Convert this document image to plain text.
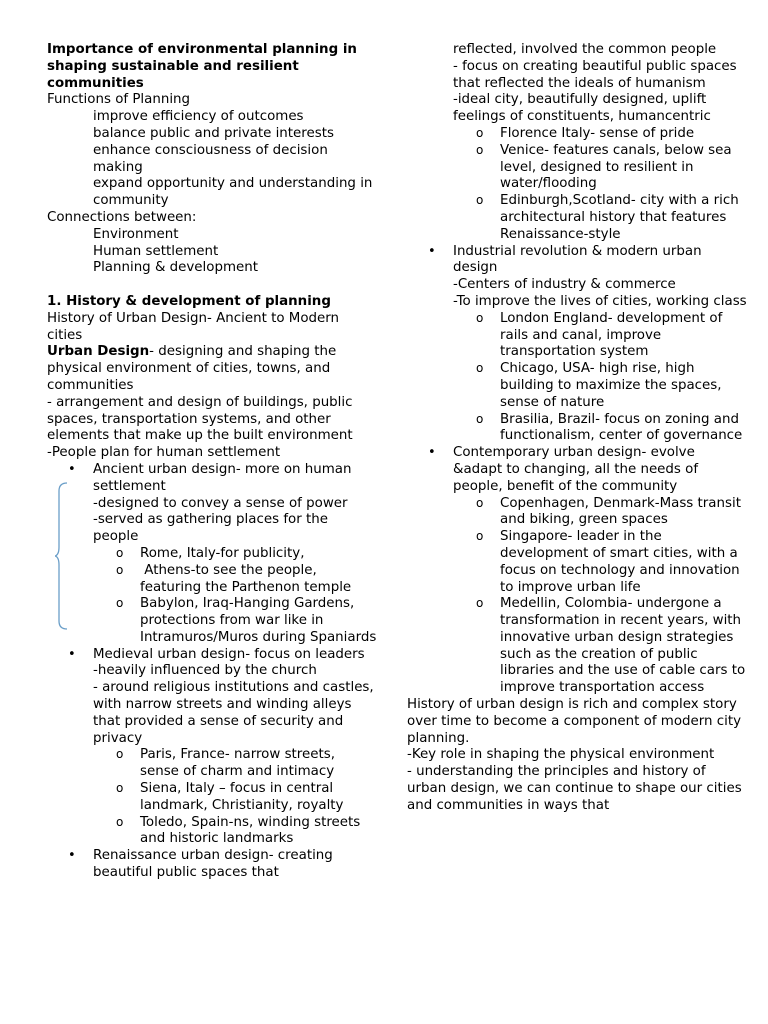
Importance of environmental planning in shaping sustainable and resilient communities
Functions of Planning
improve efficiency of outcomes
balance public and private interests
enhance consciousness of decision making
expand opportunity and understanding in community
Connections between:
Environment
Human settlement
Planning & development
1. History & development of planning
History of Urban Design- Ancient to Modern cities
Urban Design- designing and shaping the physical environment of cities, towns, and communities
- arrangement and design of buildings, public spaces, transportation systems, and other elements that make up the built environment
-People plan for human settlement
• Ancient urban design- more on human settlement
-designed to convey a sense of power
-served as gathering places for the people
o Rome, Italy-for publicity,
o Athens-to see the people, featuring the Parthenon temple
o Babylon, Iraq-Hanging Gardens, protections from war like in Intramuros/Muros during Spaniards
• Medieval urban design- focus on leaders
-heavily influenced by the church
- around religious institutions and castles, with narrow streets and winding alleys that provided a sense of security and privacy
o Paris, France- narrow streets, sense of charm and intimacy
o Siena, Italy – focus in central landmark, Christianity, royalty
o Toledo, Spain-ns, winding streets and historic landmarks
• Renaissance urban design- creating beautiful public spaces that
reflected, involved the common people
- focus on creating beautiful public spaces that reflected the ideals of humanism
-ideal city, beautifully designed, uplift feelings of constituents, humancentric
o Florence Italy- sense of pride
o Venice- features canals, below sea level, designed to resilient in water/flooding
o Edinburgh,Scotland- city with a rich architectural history that features Renaissance-style
• Industrial revolution & modern urban design
-Centers of industry & commerce
-To improve the lives of cities, working class
o London England- development of rails and canal, improve transportation system
o Chicago, USA- high rise, high building to maximize the spaces, sense of nature
o Brasilia, Brazil- focus on zoning and functionalism, center of governance
• Contemporary urban design- evolve &adapt to changing, all the needs of people, benefit of the community
o Copenhagen, Denmark-Mass transit and biking, green spaces
o Singapore- leader in the development of smart cities, with a focus on technology and innovation to improve urban life
o Medellin, Colombia- undergone a transformation in recent years, with innovative urban design strategies such as the creation of public libraries and the use of cable cars to improve transportation access
History of urban design is rich and complex story over time to become a component of modern city planning.
-Key role in shaping the physical environment
- understanding the principles and history of urban design, we can continue to shape our cities and communities in ways that
